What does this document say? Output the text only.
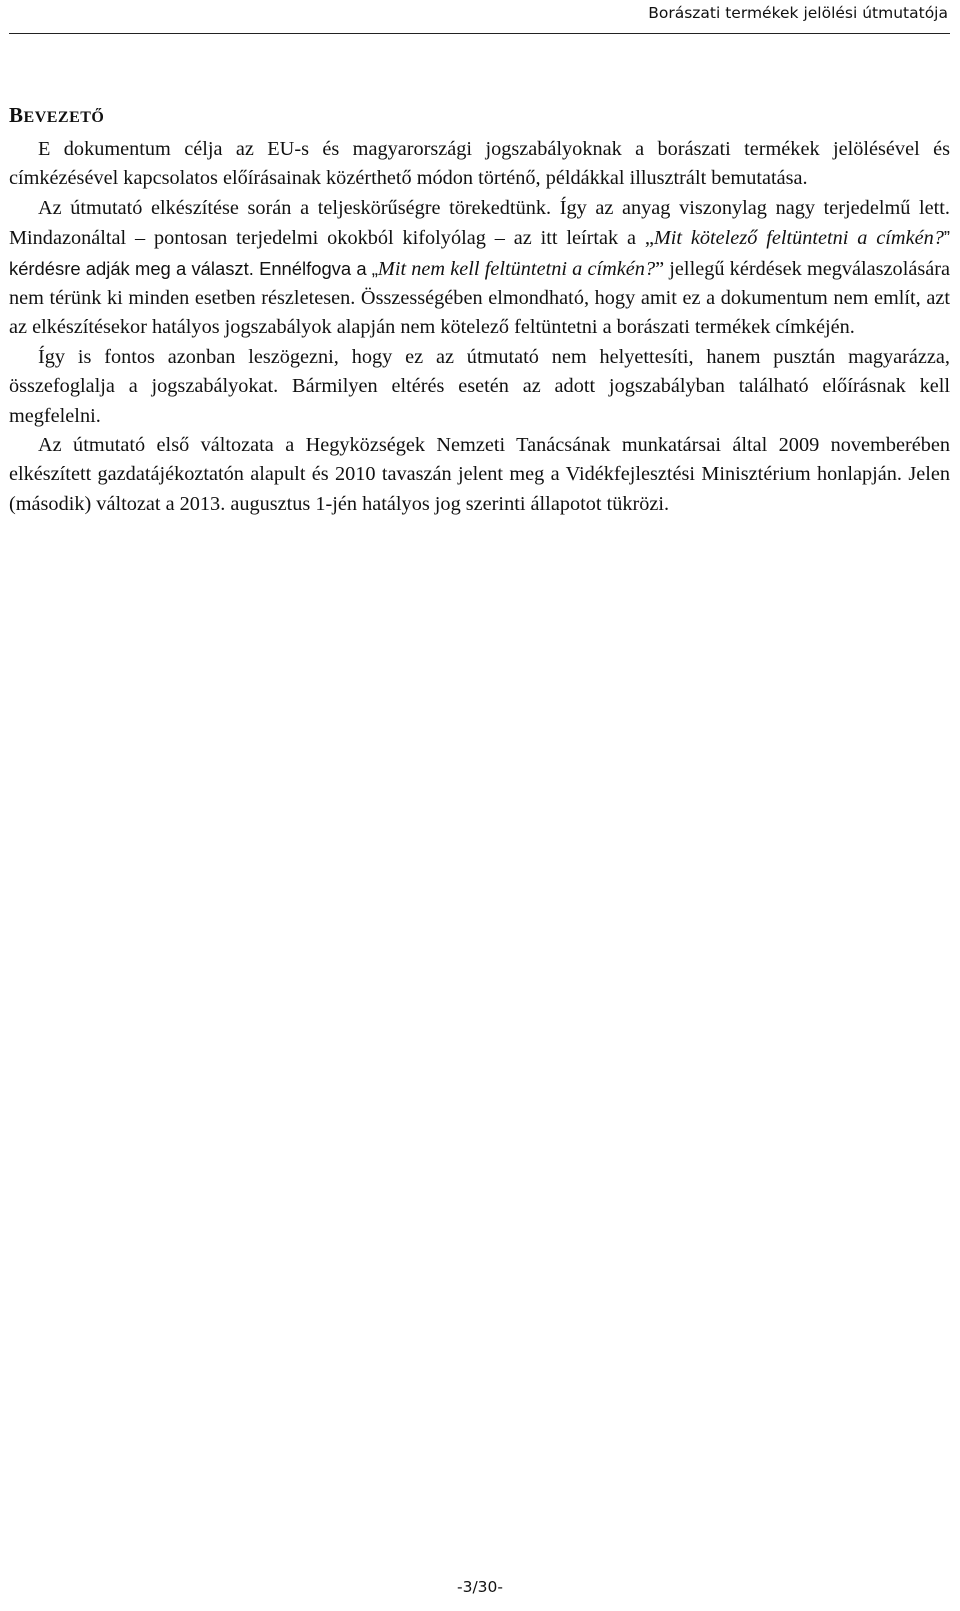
Borászati termékek jelölési útmutatója
BEVEZETŐ

E dokumentum célja az EU-s és magyarországi jogszabályoknak a borászati termékek jelölésével és címkézésével kapcsolatos előírásainak közérthető módon történő, példákkal illusztrált bemutatása.

Az útmutató elkészítése során a teljeskörűségre törekedtünk. Így az anyag viszonylag nagy terjedelmű lett. Mindazonáltal – pontosan terjedelmi okokból kifolyólag – az itt leírtak a „Mit kötelező feltüntetni a címkén?” kérdésre adják meg a választ. Ennélfogva a „Mit nem kell feltüntetni a címkén?” jellegű kérdések megválaszolására nem térünk ki minden esetben részletesen. Összességében elmondható, hogy amit ez a dokumentum nem említ, azt az elkészítésekor hatályos jogszabályok alapján nem kötelező feltüntetni a borászati termékek címkéjén.

Így is fontos azonban leszögezni, hogy ez az útmutató nem helyettesíti, hanem pusztán magyarázza, összefoglalja a jogszabályokat. Bármilyen eltérés esetén az adott jogszabályban található előírásnak kell megfelelni.

Az útmutató első változata a Hegyközségek Nemzeti Tanácsának munkatársai által 2009 novemberében elkészített gazdatájékoztatón alapult és 2010 tavaszán jelent meg a Vidékfejlesztési Minisztérium honlapján. Jelen (második) változat a 2013. augusztus 1-jén hatályos jog szerinti állapotot tükrözi.

-3/30-
